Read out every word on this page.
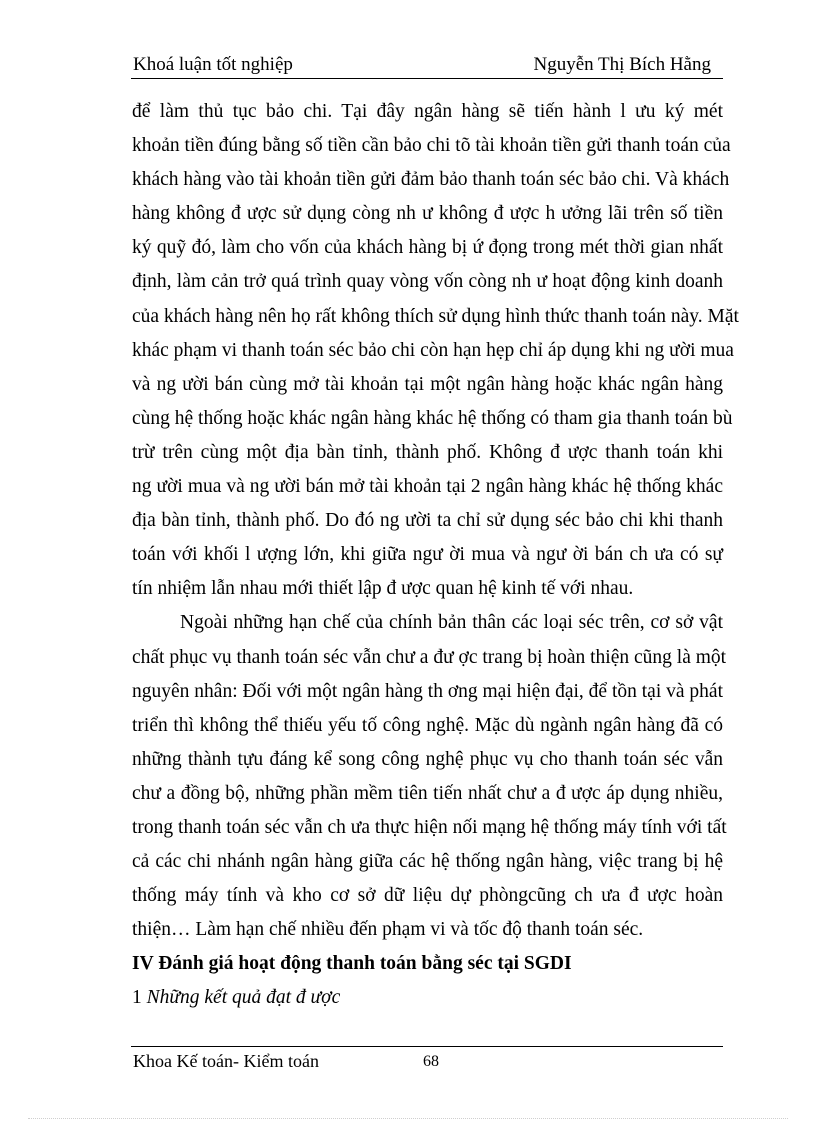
Khoá luận tốt nghiệp	Nguyễn Thị Bích Hằng
để làm thủ tục bảo chi. Tại đây ngân hàng sẽ tiến hành l ưu ký mét
khoản tiền đúng bằng số tiền cần bảo chi tõ tài khoản tiền gửi thanh toán của
khách hàng vào tài khoản tiền gửi đảm bảo thanh toán séc bảo chi. Và khách
hàng không đ ược sử dụng còng nh ư không đ ược h ưởng lãi trên số tiền
ký quỹ đó, làm cho vốn của khách hàng bị ứ đọng trong mét thời gian nhất
định, làm cản trở quá trình quay vòng vốn còng nh ư hoạt động kinh doanh
của khách hàng nên họ rất không thích sử dụng hình thức thanh toán này. Mặt
khác phạm vi thanh toán séc bảo chi còn hạn hẹp chỉ áp dụng khi ng ười mua
và ng ười bán cùng mở tài khoản tại một ngân hàng hoặc khác ngân hàng
cùng hệ thống hoặc khác ngân hàng khác hệ thống có tham gia thanh toán bù
trừ trên cùng một địa bàn tỉnh, thành phố. Không đ ược thanh toán khi
ng ười mua và ng ười bán mở tài khoản tại 2 ngân hàng khác hệ thống khác
địa bàn tỉnh, thành phố. Do đó ng ười ta chỉ sử dụng séc bảo chi khi thanh
toán với khối l ượng lớn, khi giữa ngư ời mua và ngư ời bán ch ưa có sự
tín nhiệm lẫn nhau mới thiết lập đ ược quan hệ kinh tế với nhau.
Ngoài những hạn chế của chính bản thân các loại séc trên, cơ sở vật
chất phục vụ thanh toán séc vẫn chư a đư ợc trang bị hoàn thiện cũng là một
nguyên nhân: Đối với một ngân hàng th ơng mại hiện đại, để tồn tại và phát
triển thì không thể thiếu yếu tố công nghệ. Mặc dù ngành ngân hàng đã có
những thành tựu đáng kể song công nghệ phục vụ cho thanh toán séc vẫn
chư a đồng bộ, những phần mềm tiên tiến nhất chư a đ ược áp dụng nhiều,
trong thanh toán séc vẫn ch ưa thực hiện nối mạng hệ thống máy tính với tất
cả các chi nhánh ngân hàng giữa các hệ thống ngân hàng, việc trang bị hệ
thống máy tính và kho cơ sở dữ liệu dự phòngcũng ch ưa đ ược hoàn
thiện… Làm hạn chế nhiều đến phạm vi và tốc độ thanh toán séc.
IV Đánh giá hoạt động thanh toán bằng séc tại SGDI
1 Những kết quả đạt đ ược
Khoa Kế toán- Kiểm toán	68
